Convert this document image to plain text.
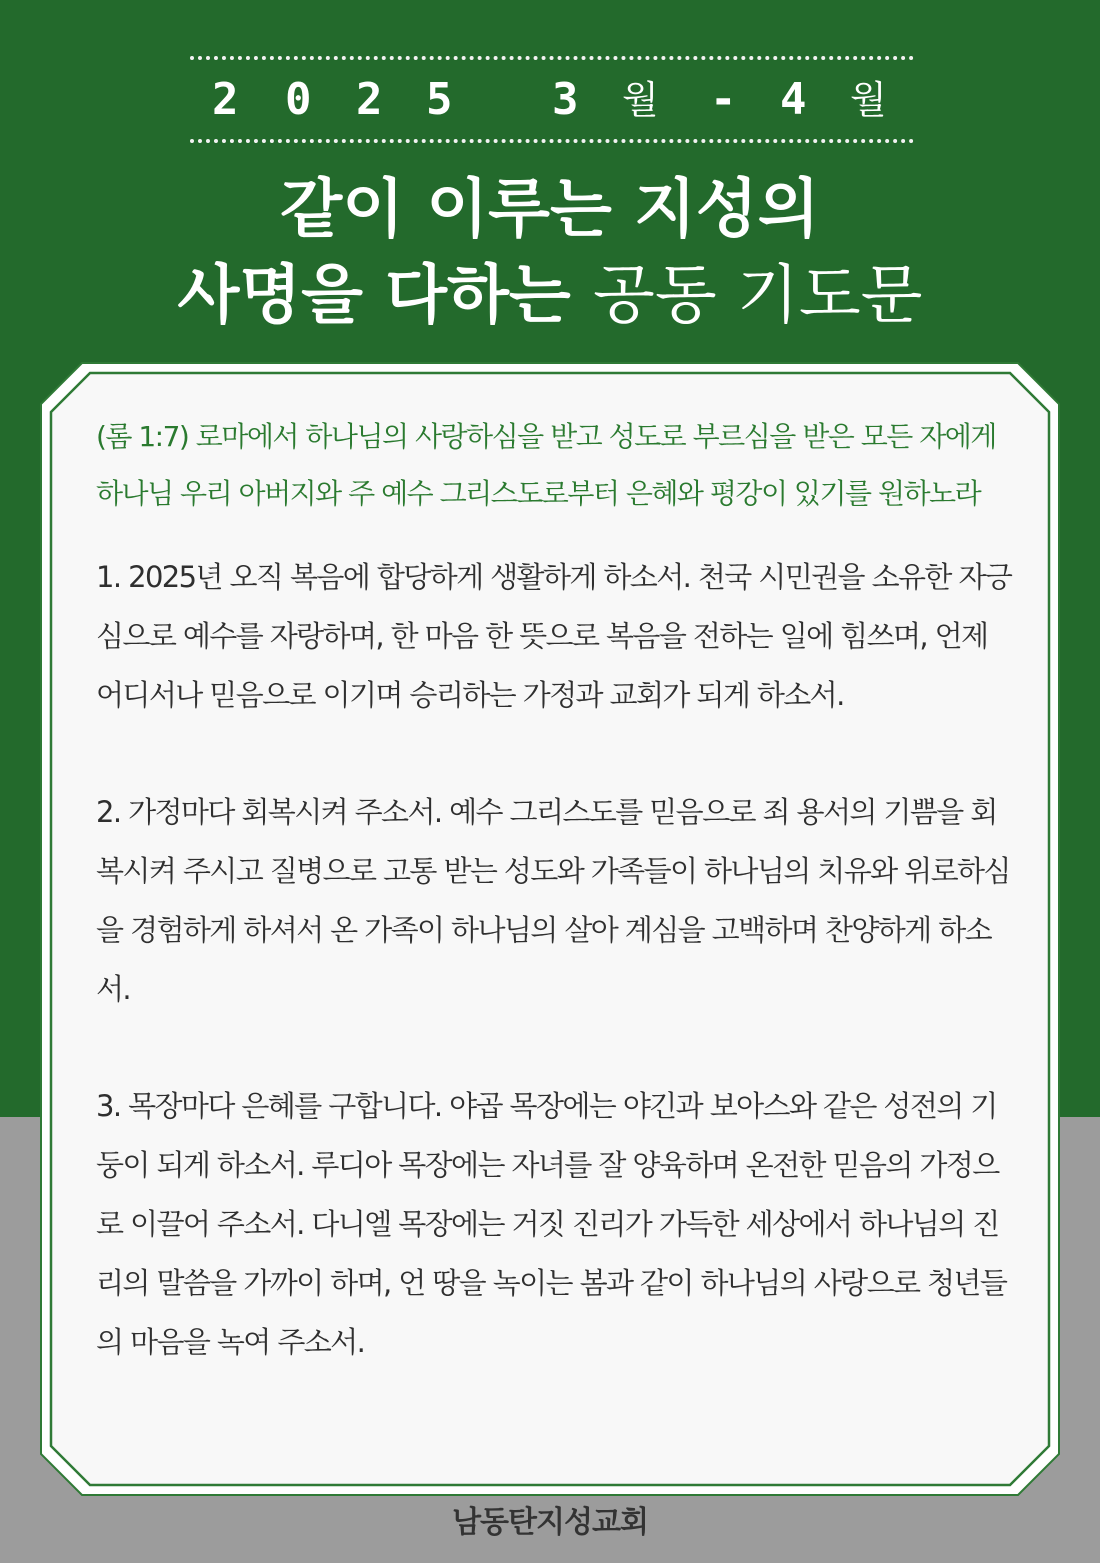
2 0 2 5 3 월 - 4 월
같이 이루는 지성의
사명을 다하는 공동 기도문

(롬 1:7) 로마에서 하나님의 사랑하심을 받고 성도로 부르심을 받은 모든 자에게 하나님 우리 아버지와 주 예수 그리스도로부터 은혜와 평강이 있기를 원하노라

1. 2025년 오직 복음에 합당하게 생활하게 하소서. 천국 시민권을 소유한 자긍심으로 예수를 자랑하며, 한 마음 한 뜻으로 복음을 전하는 일에 힘쓰며, 언제 어디서나 믿음으로 이기며 승리하는 가정과 교회가 되게 하소서.

2. 가정마다 회복시켜 주소서. 예수 그리스도를 믿음으로 죄 용서의 기쁨을 회복시켜 주시고 질병으로 고통 받는 성도와 가족들이 하나님의 치유와 위로하심을 경험하게 하셔서 온 가족이 하나님의 살아 계심을 고백하며 찬양하게 하소서.

3. 목장마다 은혜를 구합니다. 야곱 목장에는 야긴과 보아스와 같은 성전의 기둥이 되게 하소서. 루디아 목장에는 자녀를 잘 양육하며 온전한 믿음의 가정으로 이끌어 주소서. 다니엘 목장에는 거짓 진리가 가득한 세상에서 하나님의 진리의 말씀을 가까이 하며, 언 땅을 녹이는 봄과 같이 하나님의 사랑으로 청년들의 마음을 녹여 주소서.

남동탄지성교회
